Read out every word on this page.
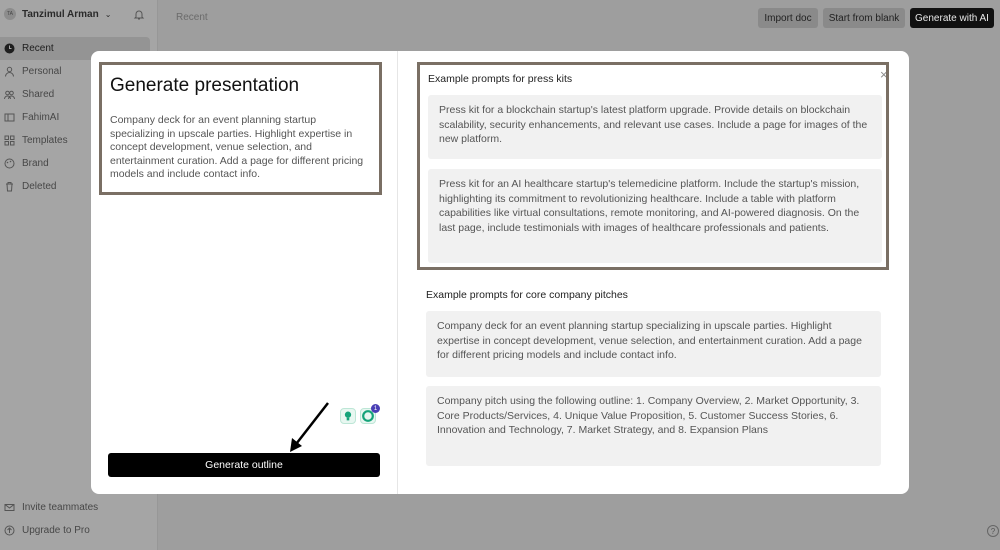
TA Tanzimul Arman ⌄
Recent
Personal
Shared
FahimAI
Templates
Brand
Deleted
Invite teammates
Upgrade to Pro
Recent	Import doc	Start from blank	Generate with AI
?
Generate presentation

Company deck for an event planning startup specializing in upscale parties. Highlight expertise in concept development, venue selection, and entertainment curation. Add a page for different pricing models and include contact info.

1
Generate outline
×
Example prompts for press kits
Press kit for a blockchain startup's latest platform upgrade. Provide details on blockchain scalability, security enhancements, and relevant use cases. Include a page for images of the new platform.
Press kit for an AI healthcare startup's telemedicine platform. Include the startup's mission, highlighting its commitment to revolutionizing healthcare. Include a table with platform capabilities like virtual consultations, remote monitoring, and AI-powered diagnosis. On the last page, include testimonials with images of healthcare professionals and patients.
Example prompts for core company pitches
Company deck for an event planning startup specializing in upscale parties. Highlight expertise in concept development, venue selection, and entertainment curation. Add a page for different pricing models and include contact info.
Company pitch using the following outline: 1. Company Overview, 2. Market Opportunity, 3. Core Products/Services, 4. Unique Value Proposition, 5. Customer Success Stories, 6. Innovation and Technology, 7. Market Strategy, and 8. Expansion Plans
